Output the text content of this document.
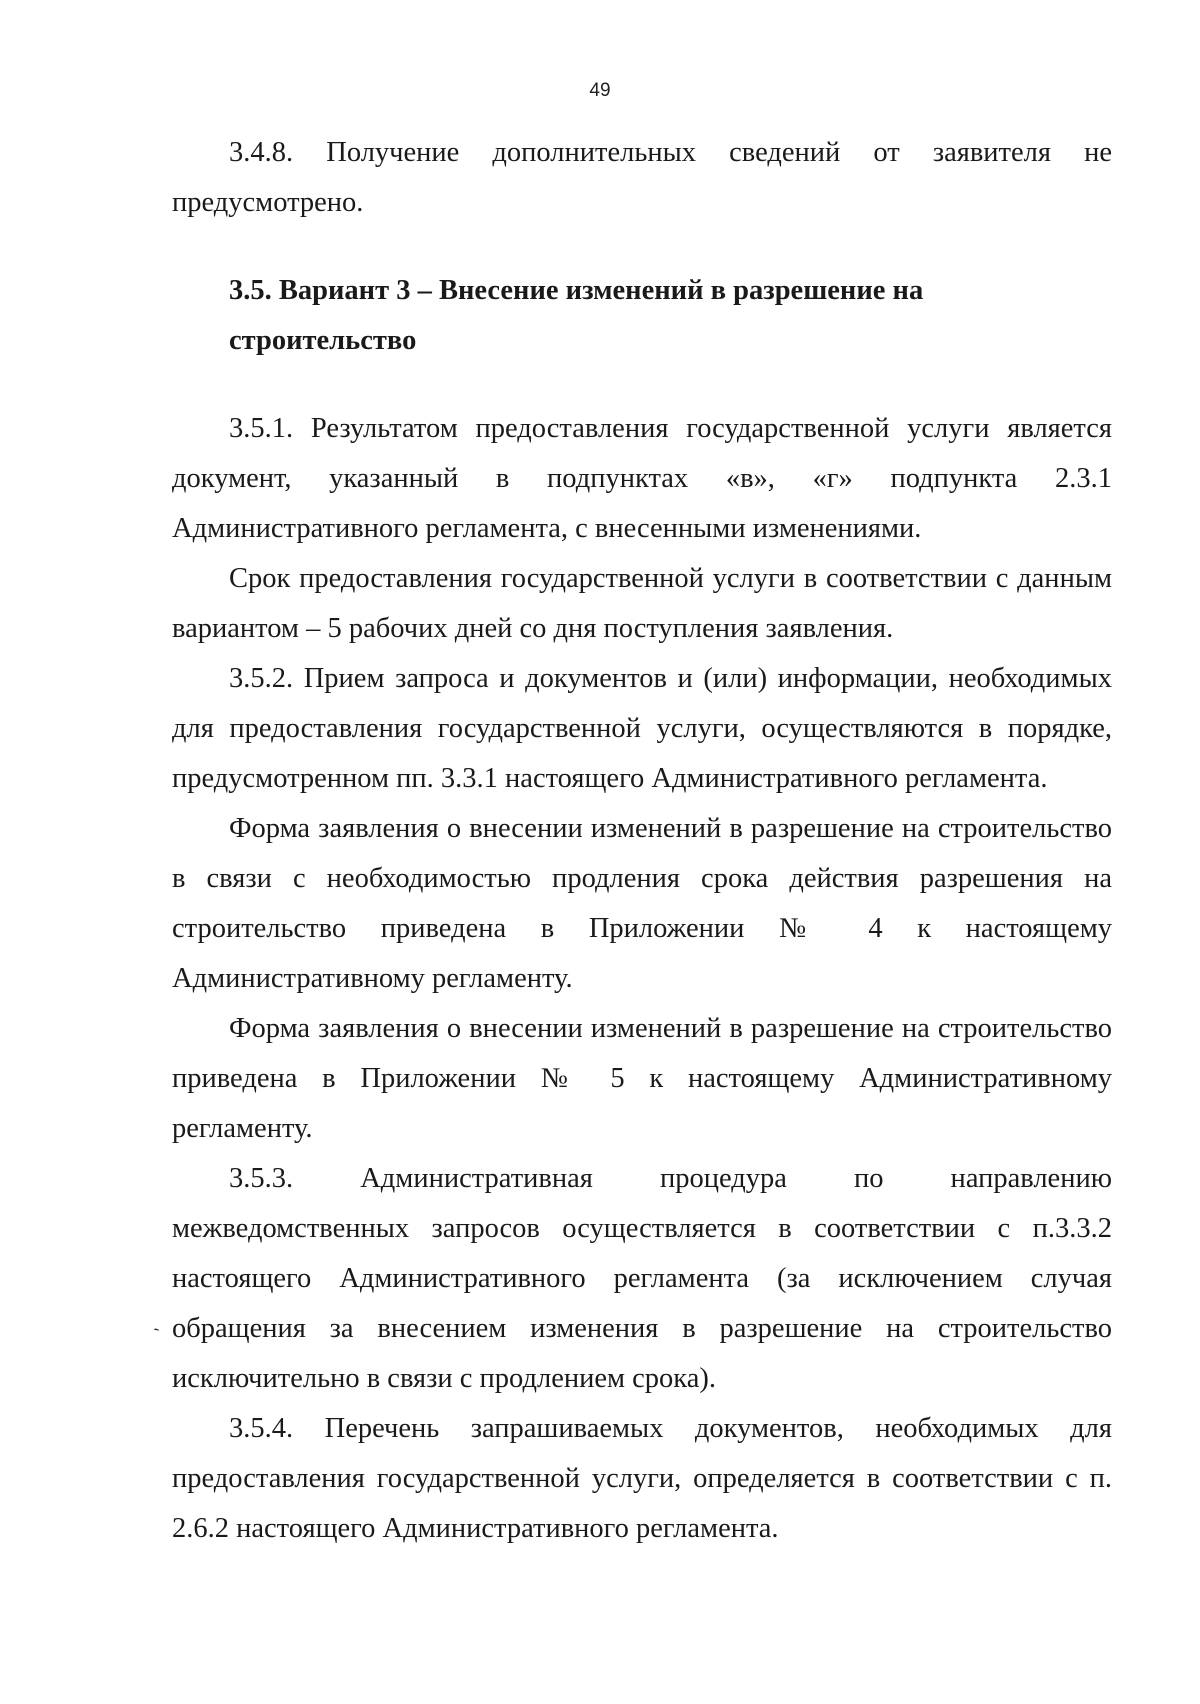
49

3.4.8. Получение дополнительных сведений от заявителя не предусмотрено.

3.5. Вариант 3 – Внесение изменений в разрешение на строительство

3.5.1. Результатом предоставления государственной услуги является документ, указанный в подпунктах «в», «г» подпункта 2.3.1 Административного регламента, с внесенными изменениями.

Срок предоставления государственной услуги в соответствии с данным вариантом – 5 рабочих дней со дня поступления заявления.

3.5.2. Прием запроса и документов и (или) информации, необходимых для предоставления государственной услуги, осуществляются в порядке, предусмотренном пп. 3.3.1 настоящего Административного регламента.

Форма заявления о внесении изменений в разрешение на строительство в связи с необходимостью продления срока действия разрешения на строительство приведена в Приложении № 4 к настоящему Административному регламенту.

Форма заявления о внесении изменений в разрешение на строительство приведена в Приложении № 5 к настоящему Административному регламенту.

3.5.3. Административная процедура по направлению межведомственных запросов осуществляется в соответствии с п.3.3.2 настоящего Административного регламента (за исключением случая обращения за внесением изменения в разрешение на строительство исключительно в связи с продлением срока).

3.5.4. Перечень запрашиваемых документов, необходимых для предоставления государственной услуги, определяется в соответствии с п. 2.6.2 настоящего Административного регламента.

ˏ
